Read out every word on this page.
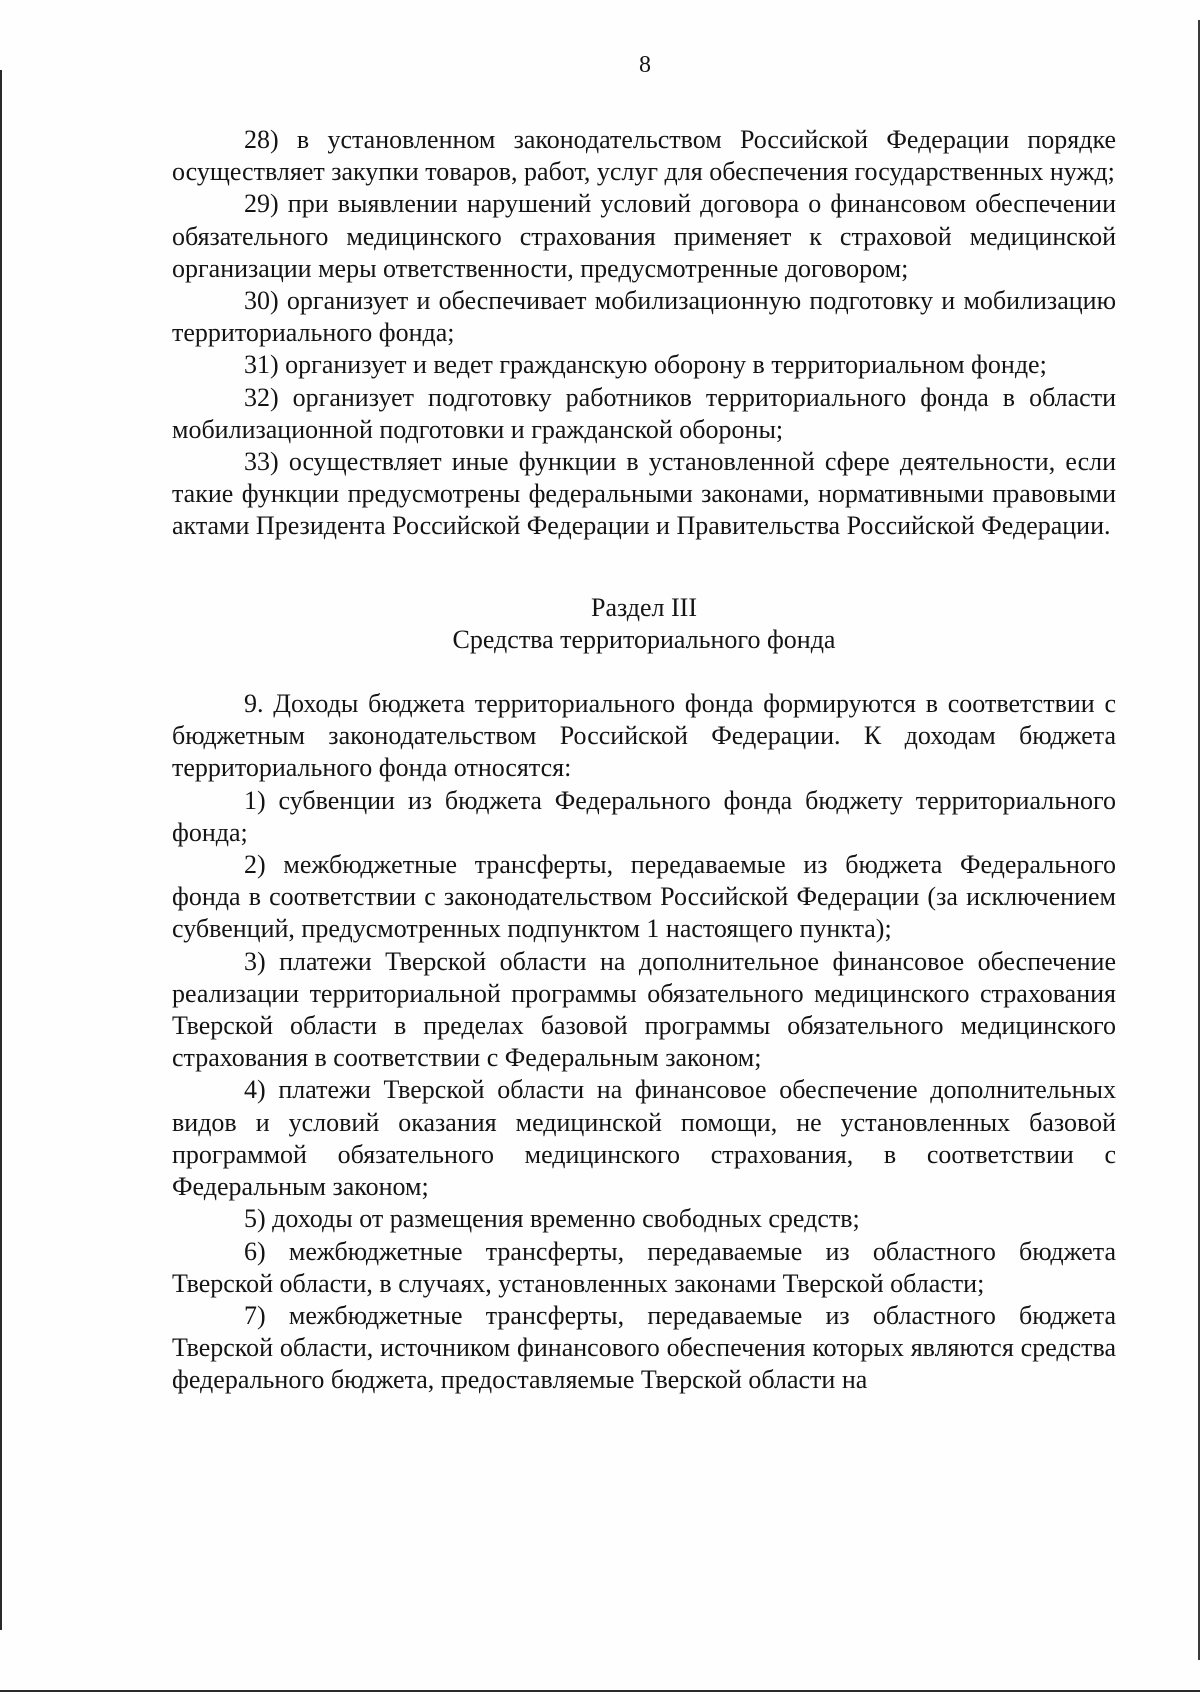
8

28) в установленном законодательством Российской Федерации порядке осуществляет закупки товаров, работ, услуг для обеспечения государственных нужд;

29) при выявлении нарушений условий договора о финансовом обеспечении обязательного медицинского страхования применяет к страховой медицинской организации меры ответственности, предусмотренные договором;

30) организует и обеспечивает мобилизационную подготовку и мобилизацию территориального фонда;

31) организует и ведет гражданскую оборону в территориальном фонде;

32) организует подготовку работников территориального фонда в области мобилизационной подготовки и гражданской обороны;

33) осуществляет иные функции в установленной сфере деятельности, если такие функции предусмотрены федеральными законами, нормативными правовыми актами Президента Российской Федерации и Правительства Российской Федерации.

Раздел III

Средства территориального фонда

9. Доходы бюджета территориального фонда формируются в соответствии с бюджетным законодательством Российской Федерации. К доходам бюджета территориального фонда относятся:

1) субвенции из бюджета Федерального фонда бюджету территориального фонда;

2) межбюджетные трансферты, передаваемые из бюджета Федерального фонда в соответствии с законодательством Российской Федерации (за исключением субвенций, предусмотренных подпунктом 1 настоящего пункта);

3) платежи Тверской области на дополнительное финансовое обеспечение реализации территориальной программы обязательного медицинского страхования Тверской области в пределах базовой программы обязательного медицинского страхования в соответствии с Федеральным законом;

4) платежи Тверской области на финансовое обеспечение дополнительных видов и условий оказания медицинской помощи, не установленных базовой программой обязательного медицинского страхования, в соответствии с Федеральным законом;

5) доходы от размещения временно свободных средств;

6) межбюджетные трансферты, передаваемые из областного бюджета Тверской области, в случаях, установленных законами Тверской области;

7) межбюджетные трансферты, передаваемые из областного бюджета Тверской области, источником финансового обеспечения которых являются средства федерального бюджета, предоставляемые Тверской области на
